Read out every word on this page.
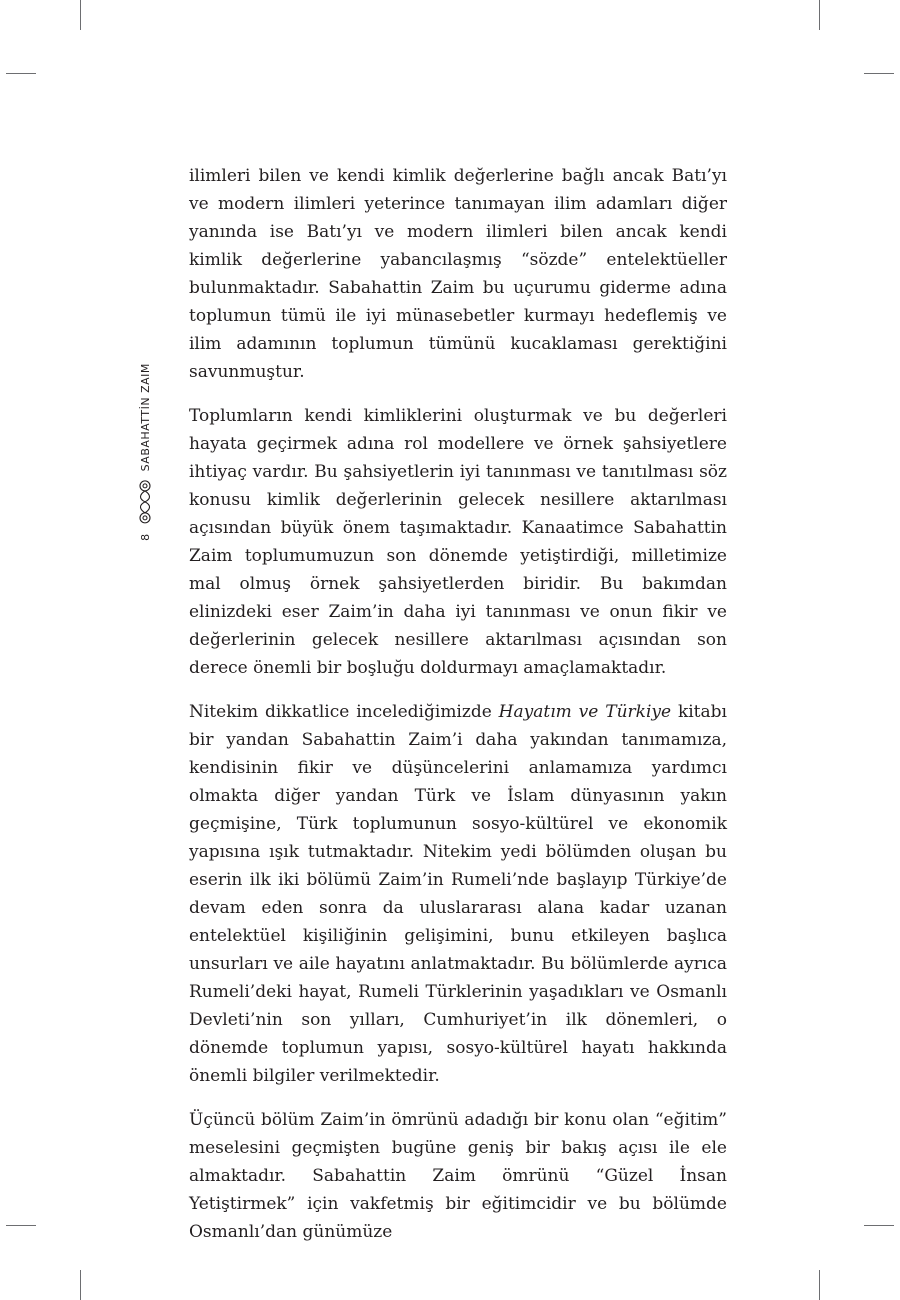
8
SABAHATTİN ZAIM

ilimleri bilen ve kendi kimlik değerlerine bağlı ancak Batı’yı ve modern ilimleri yeterince tanımayan ilim adamları diğer yanında ise Batı’yı ve modern ilimleri bilen ancak kendi kimlik değerlerine yabancılaşmış “sözde” entelektüeller bulunmaktadır. Sabahattin Zaim bu uçurumu giderme adına toplumun tümü ile iyi münasebetler kurmayı hedeflemiş ve ilim adamının toplumun tümünü kucaklaması gerektiğini savunmuştur.

Toplumların kendi kimliklerini oluşturmak ve bu değerleri hayata geçirmek adına rol modellere ve örnek şahsiyetlere ihtiyaç vardır. Bu şahsiyetlerin iyi tanınması ve tanıtılması söz konusu kimlik değerlerinin gelecek nesillere aktarılması açısından büyük önem taşımaktadır. Kanaatimce Sabahattin Zaim toplumumuzun son dönemde yetiştirdiği, milletimize mal olmuş örnek şahsiyetlerden biridir. Bu bakımdan elinizdeki eser Zaim’in daha iyi tanınması ve onun fikir ve değerlerinin gelecek nesillere aktarılması açısından son derece önemli bir boşluğu doldurmayı amaçlamaktadır.

Nitekim dikkatlice incelediğimizde Hayatım ve Türkiye kitabı bir yandan Sabahattin Zaim’i daha yakından tanımamıza, kendisinin fikir ve düşüncelerini anlamamıza yardımcı olmakta diğer yandan Türk ve İslam dünyasının yakın geçmişine, Türk toplumunun sosyo-kültürel ve ekonomik yapısına ışık tutmaktadır. Nitekim yedi bölümden oluşan bu eserin ilk iki bölümü Zaim’in Rumeli’nde başlayıp Türkiye’de devam eden sonra da uluslararası alana kadar uzanan entelektüel kişiliğinin gelişimini, bunu etkileyen başlıca unsurları ve aile hayatını anlatmaktadır. Bu bölümlerde ayrıca Rumeli’deki hayat, Rumeli Türklerinin yaşadıkları ve Osmanlı Devleti’nin son yılları, Cumhuriyet’in ilk dönemleri, o dönemde toplumun yapısı, sosyo-kültürel hayatı hakkında önemli bilgiler verilmektedir.

Üçüncü bölüm Zaim’in ömrünü adadığı bir konu olan “eğitim” meselesini geçmişten bugüne geniş bir bakış açısı ile ele almaktadır. Sabahattin Zaim ömrünü “Güzel İnsan Yetiştirmek” için vakfetmiş bir eğitimcidir ve bu bölümde Osmanlı’dan günümüze
